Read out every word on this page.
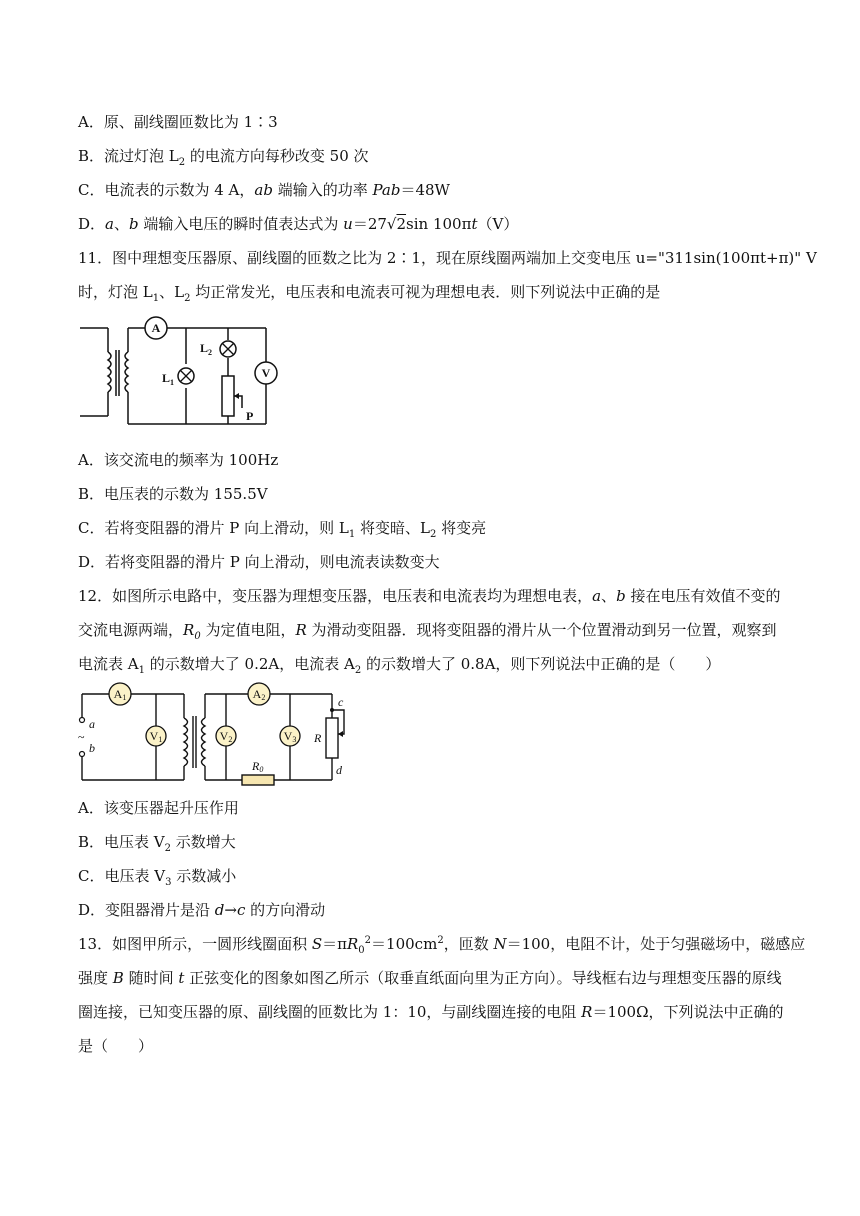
A．原、副线圈匝数比为 1∶3
B．流过灯泡 $L_2$ 的电流方向每秒改变 50 次
C．电流表的示数为 4 A，ab 端输入的功率 Pab＝48W
D．a、b 端输入电压的瞬时值表达式为 u＝27√2sin 100πt（V）
11．图中理想变压器原、副线圈的匝数之比为 2∶1，现在原线圈两端加上交变电压 u="311sin(100πt+π)" V
时，灯泡 $L_1$、$L_2$ 均正常发光，电压表和电流表可视为理想电表．则下列说法中正确的是
A
V
$L_1$
$L_2$
P
A．该交流电的频率为 100Hz
B．电压表的示数为 155.5V
C．若将变阻器的滑片 P 向上滑动，则 $L_1$ 将变暗、$L_2$ 将变亮
D．若将变阻器的滑片 P 向上滑动，则电流表读数变大
12．如图所示电路中，变压器为理想变压器，电压表和电流表均为理想电表，a、b 接在电压有效值不变的
交流电源两端，$R_0$ 为定值电阻，R 为滑动变阻器．现将变阻器的滑片从一个位置滑动到另一位置，观察到
电流表 $A_1$ 的示数增大了 0.2A，电流表 $A_2$ 的示数增大了 0.8A，则下列说法中正确的是（　　）
A1	A2
V1	V2	V3
a
b
R
c
d
R0
~
A．该变压器起升压作用
B．电压表 $V_2$ 示数增大
C．电压表 $V_3$ 示数减小
D．变阻器滑片是沿 d→c 的方向滑动
13．如图甲所示，一圆形线圈面积 $S=\pi R_0^2=100cm^2$，匝数 N＝100，电阻不计，处于匀强磁场中，磁感应
强度 B 随时间 t 正弦变化的图象如图乙所示（取垂直纸面向里为正方向）。导线框右边与理想变压器的原线
圈连接，已知变压器的原、副线圈的匝数比为 1：10，与副线圈连接的电阻 R＝100Ω，下列说法中正确的
是（　　）
